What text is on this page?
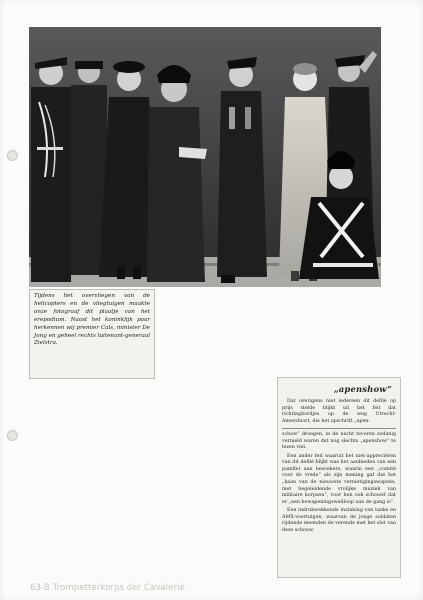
Tijdens het overvliegen van de helicopters en de vliegtuigen maakte onze fotograaf dit plaatje van het erepodium. Naast het koninklijk paar herkennen wij premier Cals, minister De Jong en geheel rechts luitenant-generaal Zielstra.
„apenshow”

Dat overigens niet iedereen dit defilé op prijs stelde blijkt uit het feit dat richtingbordjes op de weg Utrecht-Amersfoort, die het opschrift „apen-

schow” droegen, in de nacht tevoren zodanig vernield waren dat nog slechts „apenshow” te lezen viel.

Een ander feit waaruit het niet-appreciëren van dit defilé blijkt was het aanbieden van een pamflet aan bezoekers, waarin een „comité voor de vrede” als zijn mening gaf dat het „kaan van de nieuwste vernietigingswapens, met begeleidende vrolijke muziek van militaire korpsen”, voor hen ook schouwt dat er „een bewapeningswedloop aan de gang is”.

Een indrukwekkende inzinking van tanks en AMX-voertuigen, waarvan de jonge soldaten rijdende meenden de verende met het slot van deze schouw.

63-B Trompetterkorps der Cavalerie
